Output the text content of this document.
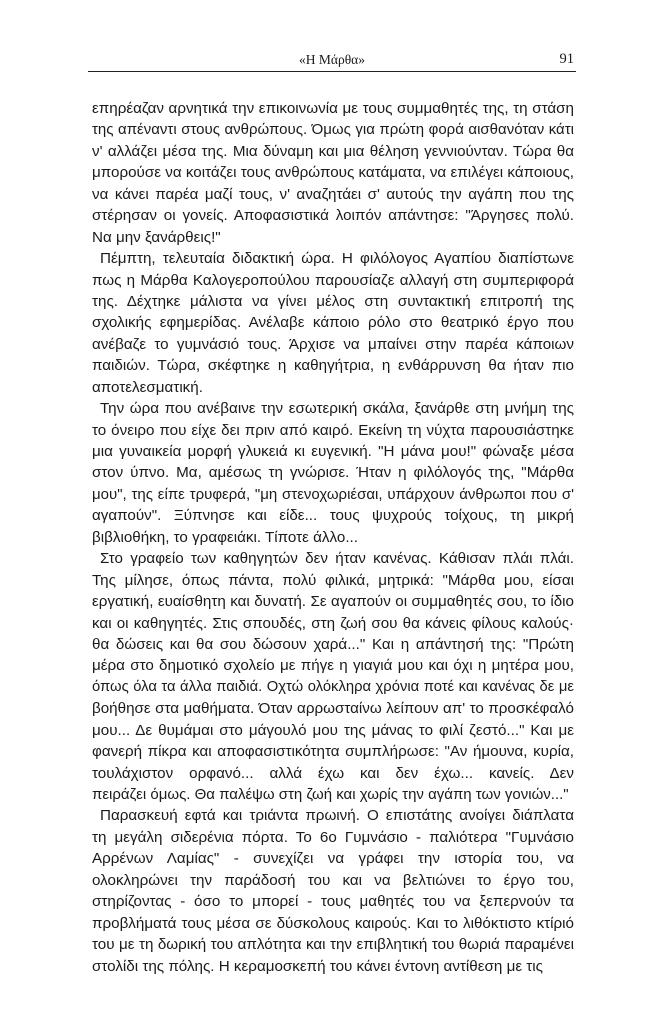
«Η Μάρθα»	91
επηρέαζαν αρνητικά την επικοινωνία με τους συμμαθητές της, τη στάση
της απέναντι στους ανθρώπους. Όμως για πρώτη φορά αισθανόταν κάτι
ν' αλλάζει μέσα της. Μια δύναμη και μια θέληση γεννιούνταν. Τώρα θα
μπορούσε να κοιτάζει τους ανθρώπους κατάματα, να επιλέγει κάποιους,
να κάνει παρέα μαζί τους, ν' αναζητάει σ' αυτούς την αγάπη που της
στέρησαν οι γονείς. Αποφασιστικά λοιπόν απάντησε: "Άργησες πολύ.
Να μην ξανάρθεις!"
Πέμπτη, τελευταία διδακτική ώρα. Η φιλόλογος Αγαπίου διαπίστωνε
πως η Μάρθα Καλογεροπούλου παρουσίαζε αλλαγή στη συμπεριφορά
της. Δέχτηκε μάλιστα να γίνει μέλος στη συντακτική επιτροπή της
σχολικής εφημερίδας. Ανέλαβε κάποιο ρόλο στο θεατρικό έργο που
ανέβαζε το γυμνάσιό τους. Άρχισε να μπαίνει στην παρέα κάποιων
παιδιών. Τώρα, σκέφτηκε η καθηγήτρια, η ενθάρρυνση θα ήταν πιο
αποτελεσματική.
Την ώρα που ανέβαινε την εσωτερική σκάλα, ξανάρθε στη μνήμη της
το όνειρο που είχε δει πριν από καιρό. Εκείνη τη νύχτα παρουσιάστηκε
μια γυναικεία μορφή γλυκειά κι ευγενική. "Η μάνα μου!" φώναξε μέσα
στον ύπνο. Μα, αμέσως τη γνώρισε. Ήταν η φιλόλογός της, "Μάρθα
μου", της είπε τρυφερά, "μη στενοχωριέσαι, υπάρχουν άνθρωποι που σ'
αγαπούν". Ξύπνησε και είδε... τους ψυχρούς τοίχους, τη μικρή
βιβλιοθήκη, το γραφειάκι. Τίποτε άλλο...
Στο γραφείο των καθηγητών δεν ήταν κανένας. Κάθισαν πλάι πλάι.
Της μίλησε, όπως πάντα, πολύ φιλικά, μητρικά: "Μάρθα μου, είσαι
εργατική, ευαίσθητη και δυνατή. Σε αγαπούν οι συμμαθητές σου, το ίδιο
και οι καθηγητές. Στις σπουδές, στη ζωή σου θα κάνεις φίλους καλούς·
θα δώσεις και θα σου δώσουν χαρά..." Και η απάντησή της: "Πρώτη
μέρα στο δημοτικό σχολείο με πήγε η γιαγιά μου και όχι η μητέρα μου,
όπως όλα τα άλλα παιδιά. Οχτώ ολόκληρα χρόνια ποτέ και κανένας δε με
βοήθησε στα μαθήματα. Όταν αρρωσταίνω λείπουν απ' το προσκέφαλό
μου... Δε θυμάμαι στο μάγουλό μου της μάνας το φιλί ζεστό..." Και με
φανερή πίκρα και αποφασιστικότητα συμπλήρωσε: "Αν ήμουνα, κυρία,
τουλάχιστον ορφανό... αλλά έχω και δεν έχω... κανείς. Δεν
πειράζει όμως. Θα παλέψω στη ζωή και χωρίς την αγάπη των γονιών..."
Παρασκευή εφτά και τριάντα πρωινή. Ο επιστάτης ανοίγει διάπλατα
τη μεγάλη σιδερένια πόρτα. Το 6ο Γυμνάσιο - παλιότερα "Γυμνάσιο
Αρρένων Λαμίας" - συνεχίζει να γράφει την ιστορία του, να
ολοκληρώνει την παράδοσή του και να βελτιώνει το έργο του,
στηρίζοντας - όσο το μπορεί - τους μαθητές του να ξεπερνούν τα
προβλήματά τους μέσα σε δύσκολους καιρούς. Και το λιθόκτιστο κτίριό
του με τη δωρική του απλότητα και την επιβλητική του θωριά παραμένει
στολίδι της πόλης. Η κεραμοσκεπή του κάνει έντονη αντίθεση με τις
